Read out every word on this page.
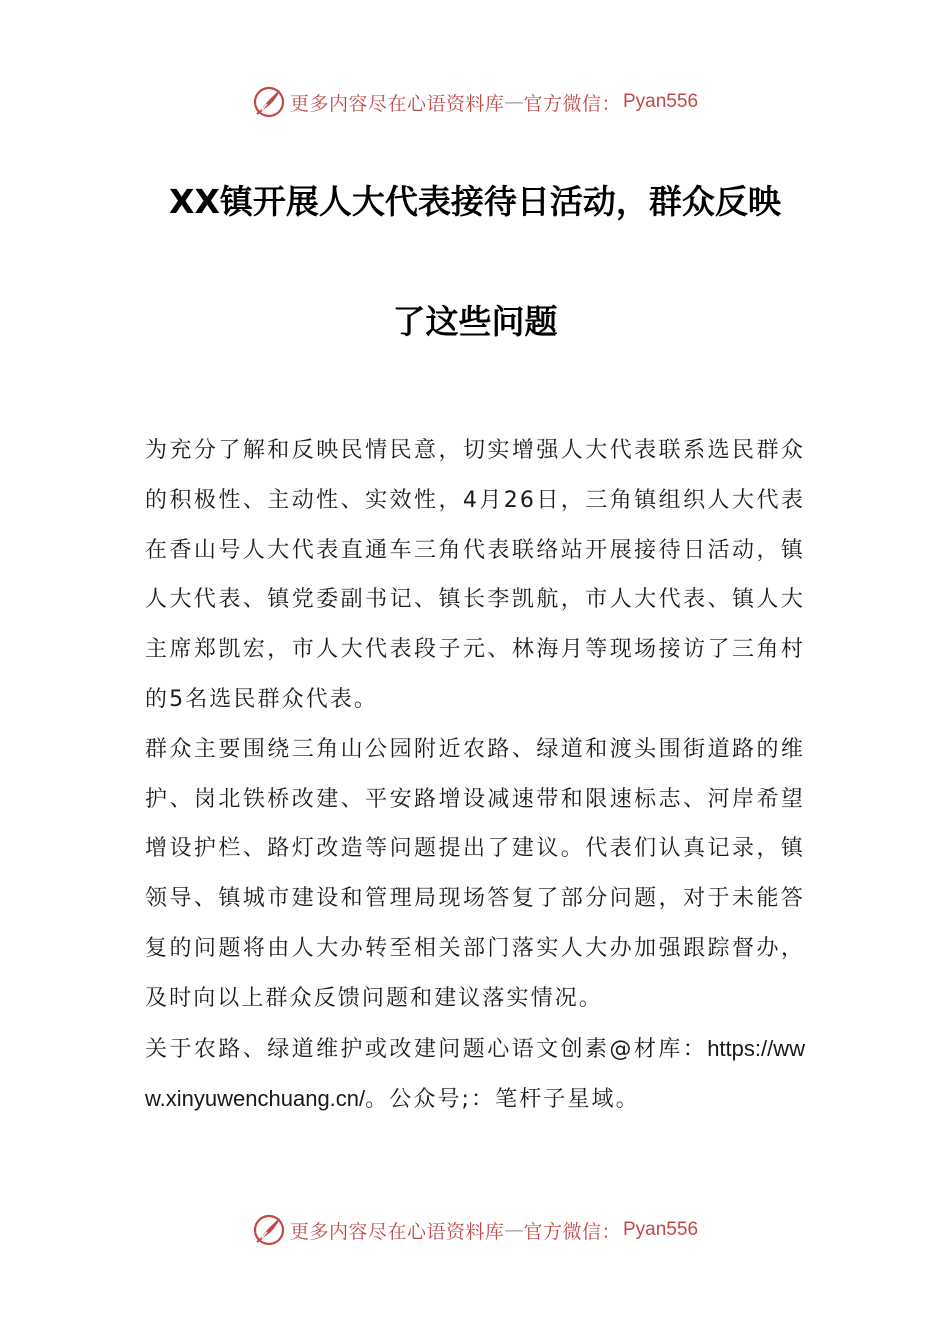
更多内容尽在心语资料库 — 官方微信： Pyan556
XX镇开展人大代表接待日活动，群众反映
了这些问题

为充分了解和反映民情民意，切实增强人大代表联系选民群众的积极性、主动性、实效性，4月26日，三角镇组织人大代表在香山号人大代表直通车三角代表联络站开展接待日活动，镇人大代表、镇党委副书记、镇长李凯航，市人大代表、镇人大主席郑凯宏，市人大代表段子元、林海月等现场接访了三角村的5名选民群众代表。

群众主要围绕三角山公园附近农路、绿道和渡头围街道路的维护、岗北铁桥改建、平安路增设减速带和限速标志、河岸希望增设护栏、路灯改造等问题提出了建议。代表们认真记录，镇领导、镇城市建设和管理局现场答复了部分问题，对于未能答复的问题将由人大办转至相关部门落实人大办加强跟踪督办，及时向以上群众反馈问题和建议落实情况。

关于农路、绿道维护或改建问题心语文创素@材库：https://www.xinyuwenchuang.cn/。公众号;：笔杆子星域。

更多内容尽在心语资料库 — 官方微信： Pyan556
